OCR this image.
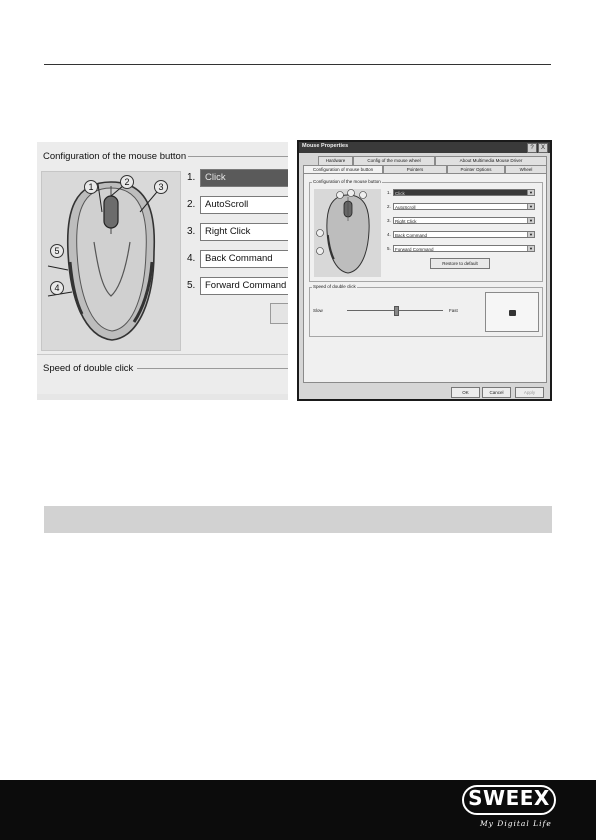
Configuration of the mouse button
1	2	3
5
4
1.	Click
2.	AutoScroll
3.	Right Click
4.	Back Command
5.	Forward Command
Speed of double click
Mouse Properties	?	X
Hardware	Config of the mouse wheel	About Multimedia Mouse Driver
Configuration of mouse button	Pointers	Pointer Options	Wheel
Configuration of the mouse button
1. Click	▼
2. AutoScroll	▼
3. Right Click	▼
4. Back Command	▼
5. Forward Command	▼
Restore to default
Speed of double click
Slow	Fast
OK	Cancel	Apply
SWEEX
My Digital Life
